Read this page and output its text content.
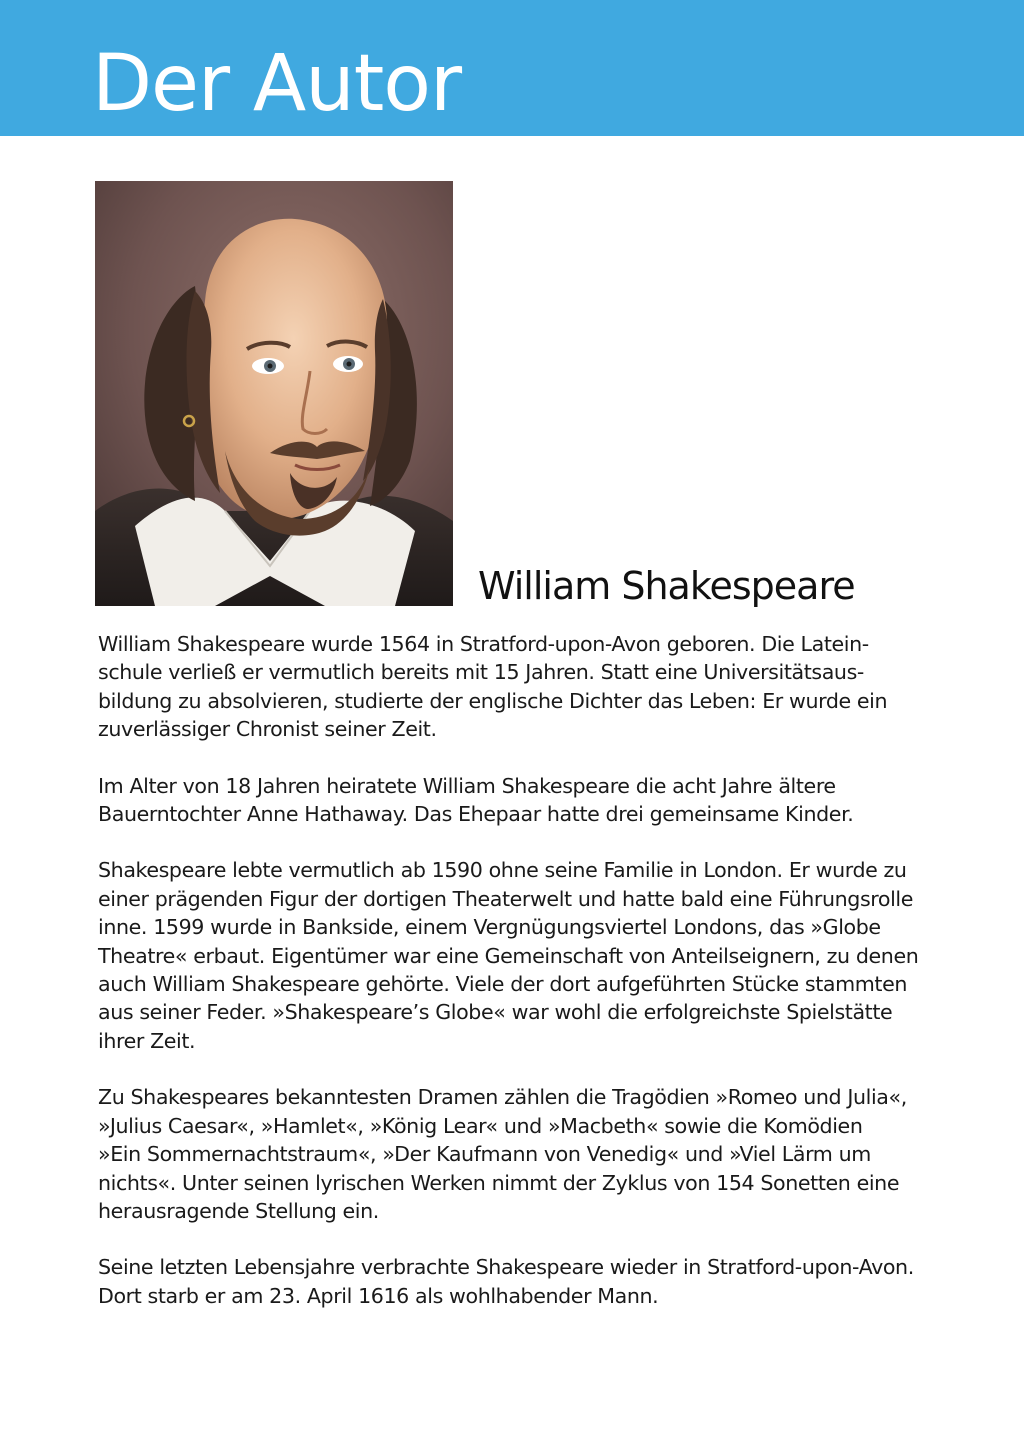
Der Autor
William Shakespeare

William Shakespeare wurde 1564 in Stratford-upon-Avon geboren. Die Latein-
schule verließ er vermutlich bereits mit 15 Jahren. Statt eine Universitätsaus-
bildung zu absolvieren, studierte der englische Dichter das Leben: Er wurde ein
zuverlässiger Chronist seiner Zeit.

Im Alter von 18 Jahren heiratete William Shakespeare die acht Jahre ältere
Bauerntochter Anne Hathaway. Das Ehepaar hatte drei gemeinsame Kinder.

Shakespeare lebte vermutlich ab 1590 ohne seine Familie in London. Er wurde zu
einer prägenden Figur der dortigen Theaterwelt und hatte bald eine Führungsrolle
inne. 1599 wurde in Bankside, einem Vergnügungsviertel Londons, das »Globe
Theatre« erbaut. Eigentümer war eine Gemeinschaft von Anteilseignern, zu denen
auch William Shakespeare gehörte. Viele der dort aufgeführten Stücke stammten
aus seiner Feder. »Shakespeare’s Globe« war wohl die erfolgreichste Spielstätte
ihrer Zeit.

Zu Shakespeares bekanntesten Dramen zählen die Tragödien »Romeo und Julia«,
»Julius Caesar«, »Hamlet«, »König Lear« und »Macbeth« sowie die Komödien
»Ein Sommernachtstraum«, »Der Kaufmann von Venedig« und »Viel Lärm um
nichts«. Unter seinen lyrischen Werken nimmt der Zyklus von 154 Sonetten eine
herausragende Stellung ein.

Seine letzten Lebensjahre verbrachte Shakespeare wieder in Stratford-upon-Avon.
Dort starb er am 23. April 1616 als wohlhabender Mann.
